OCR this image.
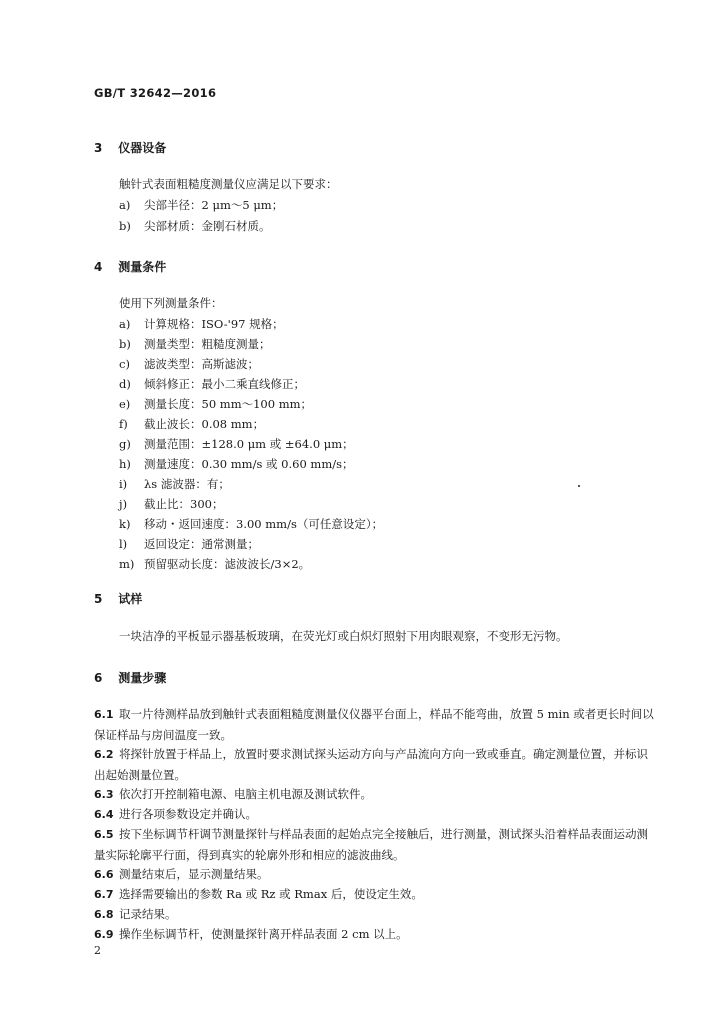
GB/T 32642—2016
3 仪器设备
触针式表面粗糙度测量仪应满足以下要求：
a) 尖部半径：2 μm～5 μm；
b) 尖部材质：金刚石材质。
4 测量条件
使用下列测量条件：
a) 计算规格：ISO-'97 规格；
b) 测量类型：粗糙度测量；
c) 滤波类型：高斯滤波；
d) 倾斜修正：最小二乘直线修正；
e) 测量长度：50 mm～100 mm；
f) 截止波长：0.08 mm；
g) 测量范围：±128.0 μm 或 ±64.0 μm；
h) 测量速度：0.30 mm/s 或 0.60 mm/s；
i) λs 滤波器：有；
j) 截止比：300；
k) 移动・返回速度：3.00 mm/s（可任意设定）；
l) 返回设定：通常测量；
m) 预留驱动长度：滤波波长/3×2。
5 试样
一块洁净的平板显示器基板玻璃，在荧光灯或白炽灯照射下用肉眼观察，不变形无污物。
6 测量步骤
6.1 取一片待测样品放到触针式表面粗糙度测量仪仪器平台面上，样品不能弯曲，放置 5 min 或者更长时间以保证样品与房间温度一致。
6.2 将探针放置于样品上，放置时要求测试探头运动方向与产品流向方向一致或垂直。确定测量位置，并标识出起始测量位置。
6.3 依次打开控制箱电源、电脑主机电源及测试软件。
6.4 进行各项参数设定并确认。
6.5 按下坐标调节杆调节测量探针与样品表面的起始点完全接触后，进行测量，测试探头沿着样品表面运动测量实际轮廓平行面，得到真实的轮廓外形和相应的滤波曲线。
6.6 测量结束后，显示测量结果。
6.7 选择需要输出的参数 Ra 或 Rz 或 Rmax 后，使设定生效。
6.8 记录结果。
6.9 操作坐标调节杆，使测量探针离开样品表面 2 cm 以上。
2
